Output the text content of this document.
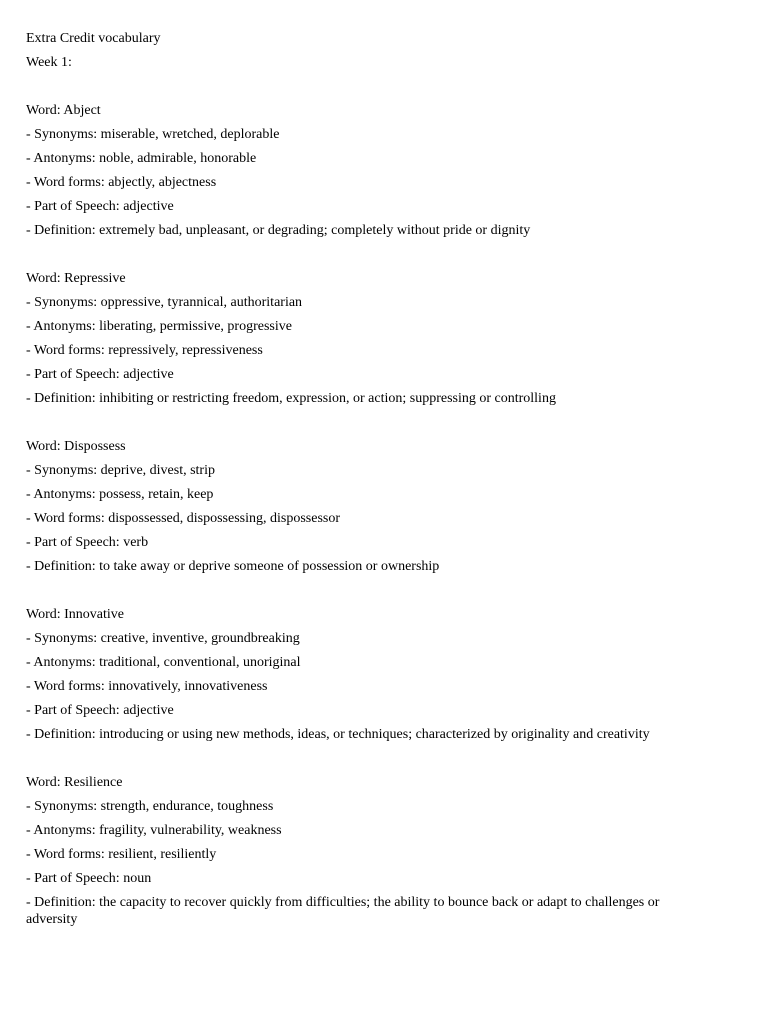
Extra Credit vocabulary
Week 1:
Word: Abject
- Synonyms: miserable, wretched, deplorable
- Antonyms: noble, admirable, honorable
- Word forms: abjectly, abjectness
- Part of Speech: adjective
- Definition: extremely bad, unpleasant, or degrading; completely without pride or dignity
Word: Repressive
- Synonyms: oppressive, tyrannical, authoritarian
- Antonyms: liberating, permissive, progressive
- Word forms: repressively, repressiveness
- Part of Speech: adjective
- Definition: inhibiting or restricting freedom, expression, or action; suppressing or controlling
Word: Dispossess
- Synonyms: deprive, divest, strip
- Antonyms: possess, retain, keep
- Word forms: dispossessed, dispossessing, dispossessor
- Part of Speech: verb
- Definition: to take away or deprive someone of possession or ownership
Word: Innovative
- Synonyms: creative, inventive, groundbreaking
- Antonyms: traditional, conventional, unoriginal
- Word forms: innovatively, innovativeness
- Part of Speech: adjective
- Definition: introducing or using new methods, ideas, or techniques; characterized by originality and creativity
Word: Resilience
- Synonyms: strength, endurance, toughness
- Antonyms: fragility, vulnerability, weakness
- Word forms: resilient, resiliently
- Part of Speech: noun
- Definition: the capacity to recover quickly from difficulties; the ability to bounce back or adapt to challenges or adversity
